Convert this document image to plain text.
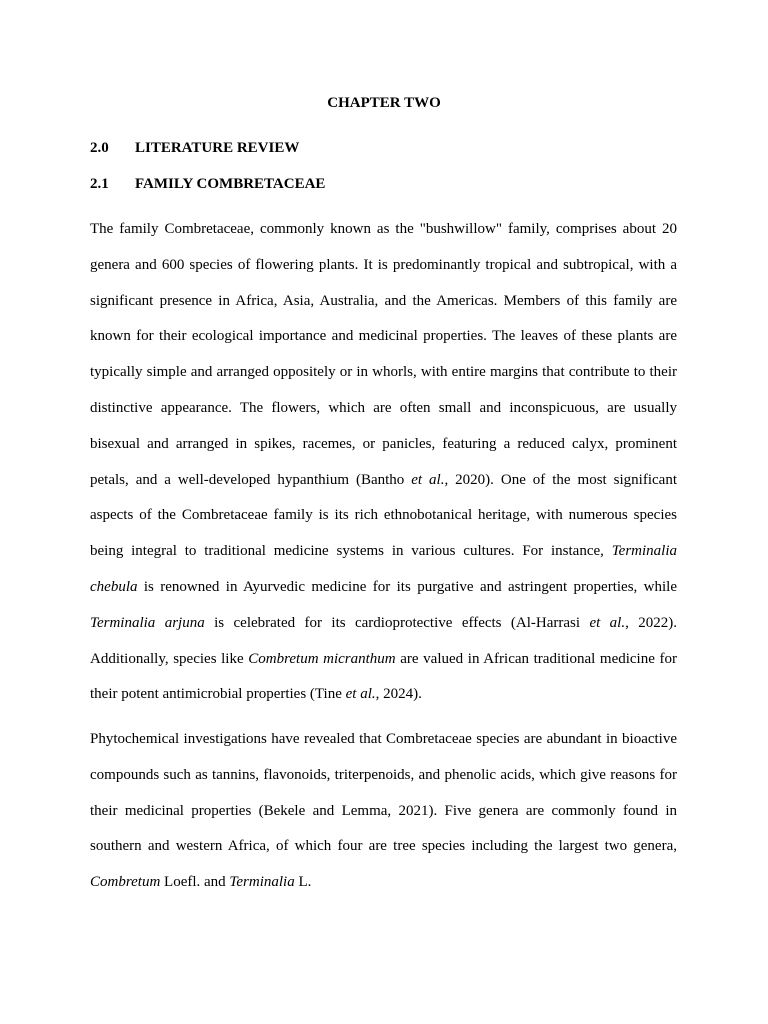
CHAPTER TWO
2.0 LITERATURE REVIEW
2.1 FAMILY COMBRETACEAE
The family Combretaceae, commonly known as the "bushwillow" family, comprises about 20
genera and 600 species of flowering plants. It is predominantly tropical and subtropical, with a
significant presence in Africa, Asia, Australia, and the Americas. Members of this family are
known for their ecological importance and medicinal properties. The leaves of these plants are
typically simple and arranged oppositely or in whorls, with entire margins that contribute to their
distinctive appearance. The flowers, which are often small and inconspicuous, are usually
bisexual and arranged in spikes, racemes, or panicles, featuring a reduced calyx, prominent
petals, and a well-developed hypanthium (Bantho et al., 2020). One of the most significant
aspects of the Combretaceae family is its rich ethnobotanical heritage, with numerous species
being integral to traditional medicine systems in various cultures. For instance, Terminalia
chebula is renowned in Ayurvedic medicine for its purgative and astringent properties, while
Terminalia arjuna is celebrated for its cardioprotective effects (Al-Harrasi et al., 2022).
Additionally, species like Combretum micranthum are valued in African traditional medicine for
their potent antimicrobial properties (Tine et al., 2024).
Phytochemical investigations have revealed that Combretaceae species are abundant in bioactive
compounds such as tannins, flavonoids, triterpenoids, and phenolic acids, which give reasons for
their medicinal properties (Bekele and Lemma, 2021). Five genera are commonly found in
southern and western Africa, of which four are tree species including the largest two genera,
Combretum Loefl. and Terminalia L.
